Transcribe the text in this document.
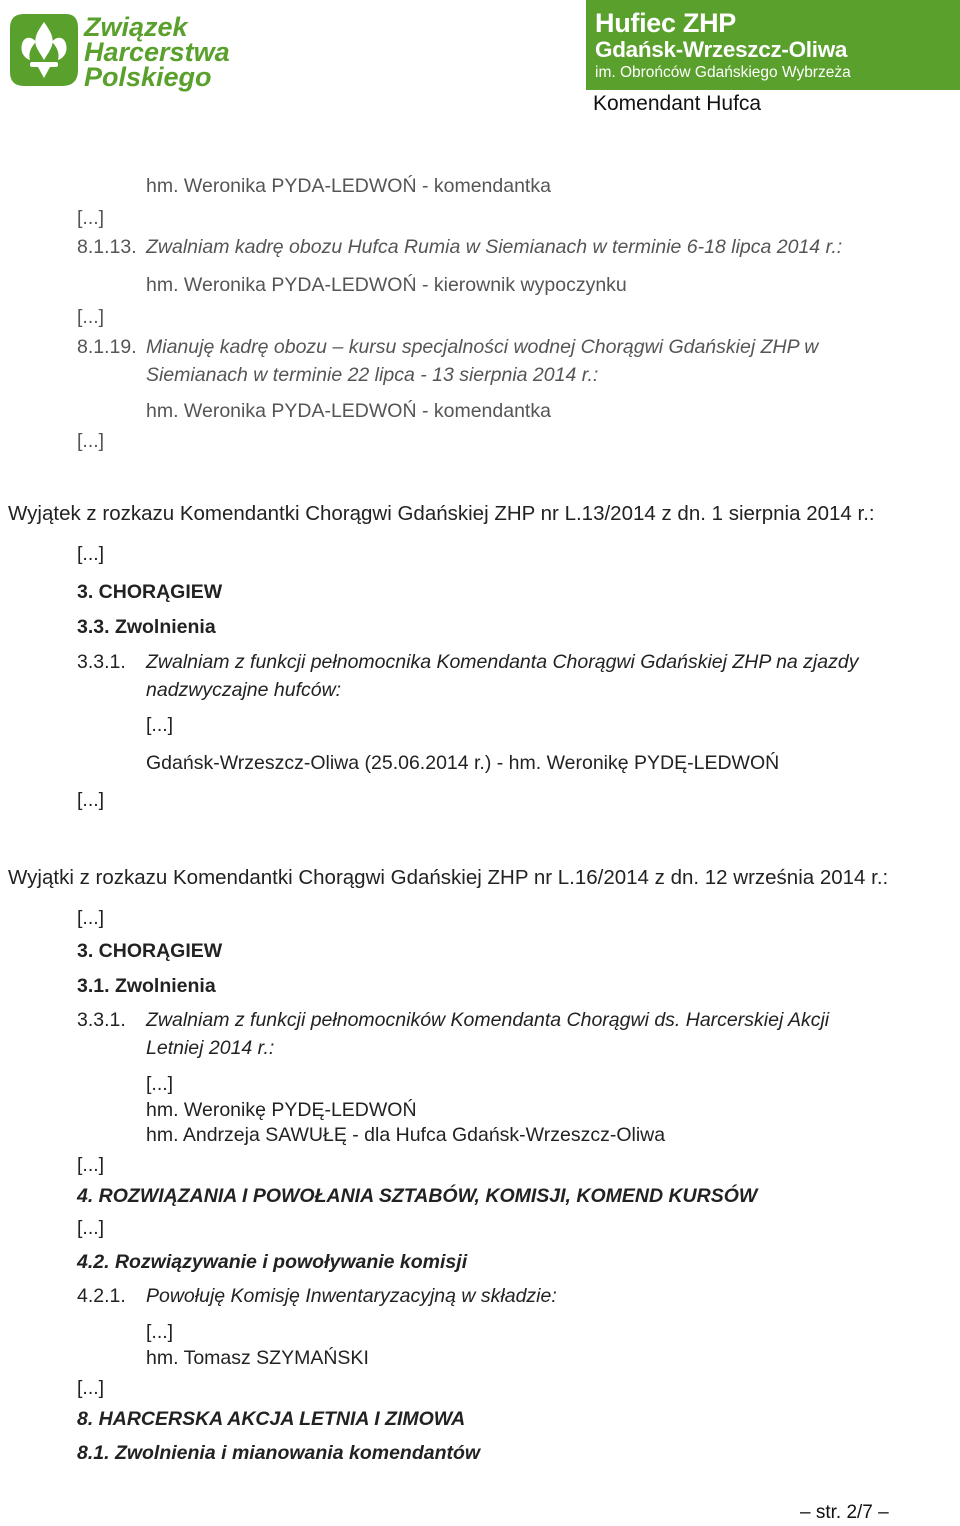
Związek
Harcerstwa
Polskiego
Hufiec ZHP
Gdańsk-Wrzeszcz-Oliwa
im. Obrońców Gdańskiego Wybrzeża
Komendant Hufca
hm. Weronika PYDA-LEDWOŃ - komendantka
[...]
8.1.13. Zwalniam kadrę obozu Hufca Rumia w Siemianach w terminie 6-18 lipca 2014 r.:
hm. Weronika PYDA-LEDWOŃ - kierownik wypoczynku
[...]
8.1.19. Mianuję kadrę obozu – kursu specjalności wodnej Chorągwi Gdańskiej ZHP w
Siemianach w terminie 22 lipca - 13 sierpnia 2014 r.:
hm. Weronika PYDA-LEDWOŃ - komendantka
[...]
Wyjątek z rozkazu Komendantki Chorągwi Gdańskiej ZHP nr L.13/2014 z dn. 1 sierpnia 2014 r.:
[...]
3. CHORĄGIEW
3.3. Zwolnienia
3.3.1. Zwalniam z funkcji pełnomocnika Komendanta Chorągwi Gdańskiej ZHP na zjazdy
nadzwyczajne hufców:
[...]
Gdańsk-Wrzeszcz-Oliwa (25.06.2014 r.) - hm. Weronikę PYDĘ-LEDWOŃ
[...]
Wyjątki z rozkazu Komendantki Chorągwi Gdańskiej ZHP nr L.16/2014 z dn. 12 września 2014 r.:
[...]
3. CHORĄGIEW
3.1. Zwolnienia
3.3.1. Zwalniam z funkcji pełnomocników Komendanta Chorągwi ds. Harcerskiej Akcji
Letniej 2014 r.:
[...]
hm. Weronikę PYDĘ-LEDWOŃ
hm. Andrzeja SAWUŁĘ - dla Hufca Gdańsk-Wrzeszcz-Oliwa
[...]
4. ROZWIĄZANIA I POWOŁANIA SZTABÓW, KOMISJI, KOMEND KURSÓW
[...]
4.2. Rozwiązywanie i powoływanie komisji
4.2.1. Powołuję Komisję Inwentaryzacyjną w składzie:
[...]
hm. Tomasz SZYMAŃSKI
[...]
8. HARCERSKA AKCJA LETNIA I ZIMOWA
8.1. Zwolnienia i mianowania komendantów
– str. 2/7 –
